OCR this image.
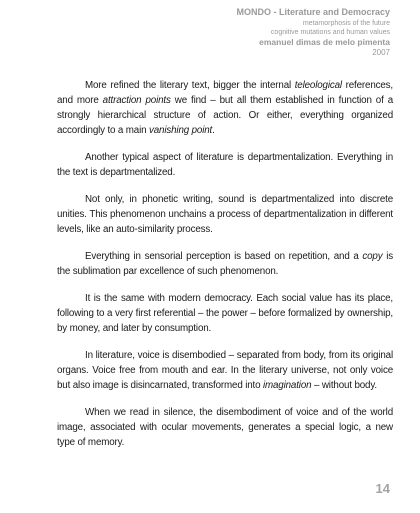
MONDO - Literature and Democracy
metamorphosis of the future
cognitive mutations and human values
emanuel dimas de melo pimenta
2007

More refined the literary text, bigger the internal teleological references, and more attraction points we find – but all them established in function of a strongly hierarchical structure of action. Or either, everything organized accordingly to a main vanishing point.

Another typical aspect of literature is departmentalization. Everything in the text is departmentalized.

Not only, in phonetic writing, sound is departmentalized into discrete unities. This phenomenon unchains a process of departmentalization in different levels, like an auto-similarity process.

Everything in sensorial perception is based on repetition, and a copy is the sublimation par excellence of such phenomenon.

It is the same with modern democracy. Each social value has its place, following to a very first referential – the power – before formalized by ownership, by money, and later by consumption.

In literature, voice is disembodied – separated from body, from its original organs. Voice free from mouth and ear. In the literary universe, not only voice but also image is disincarnated, transformed into imagination – without body.

When we read in silence, the disembodiment of voice and of the world image, associated with ocular movements, generates a special logic, a new type of memory.

14
